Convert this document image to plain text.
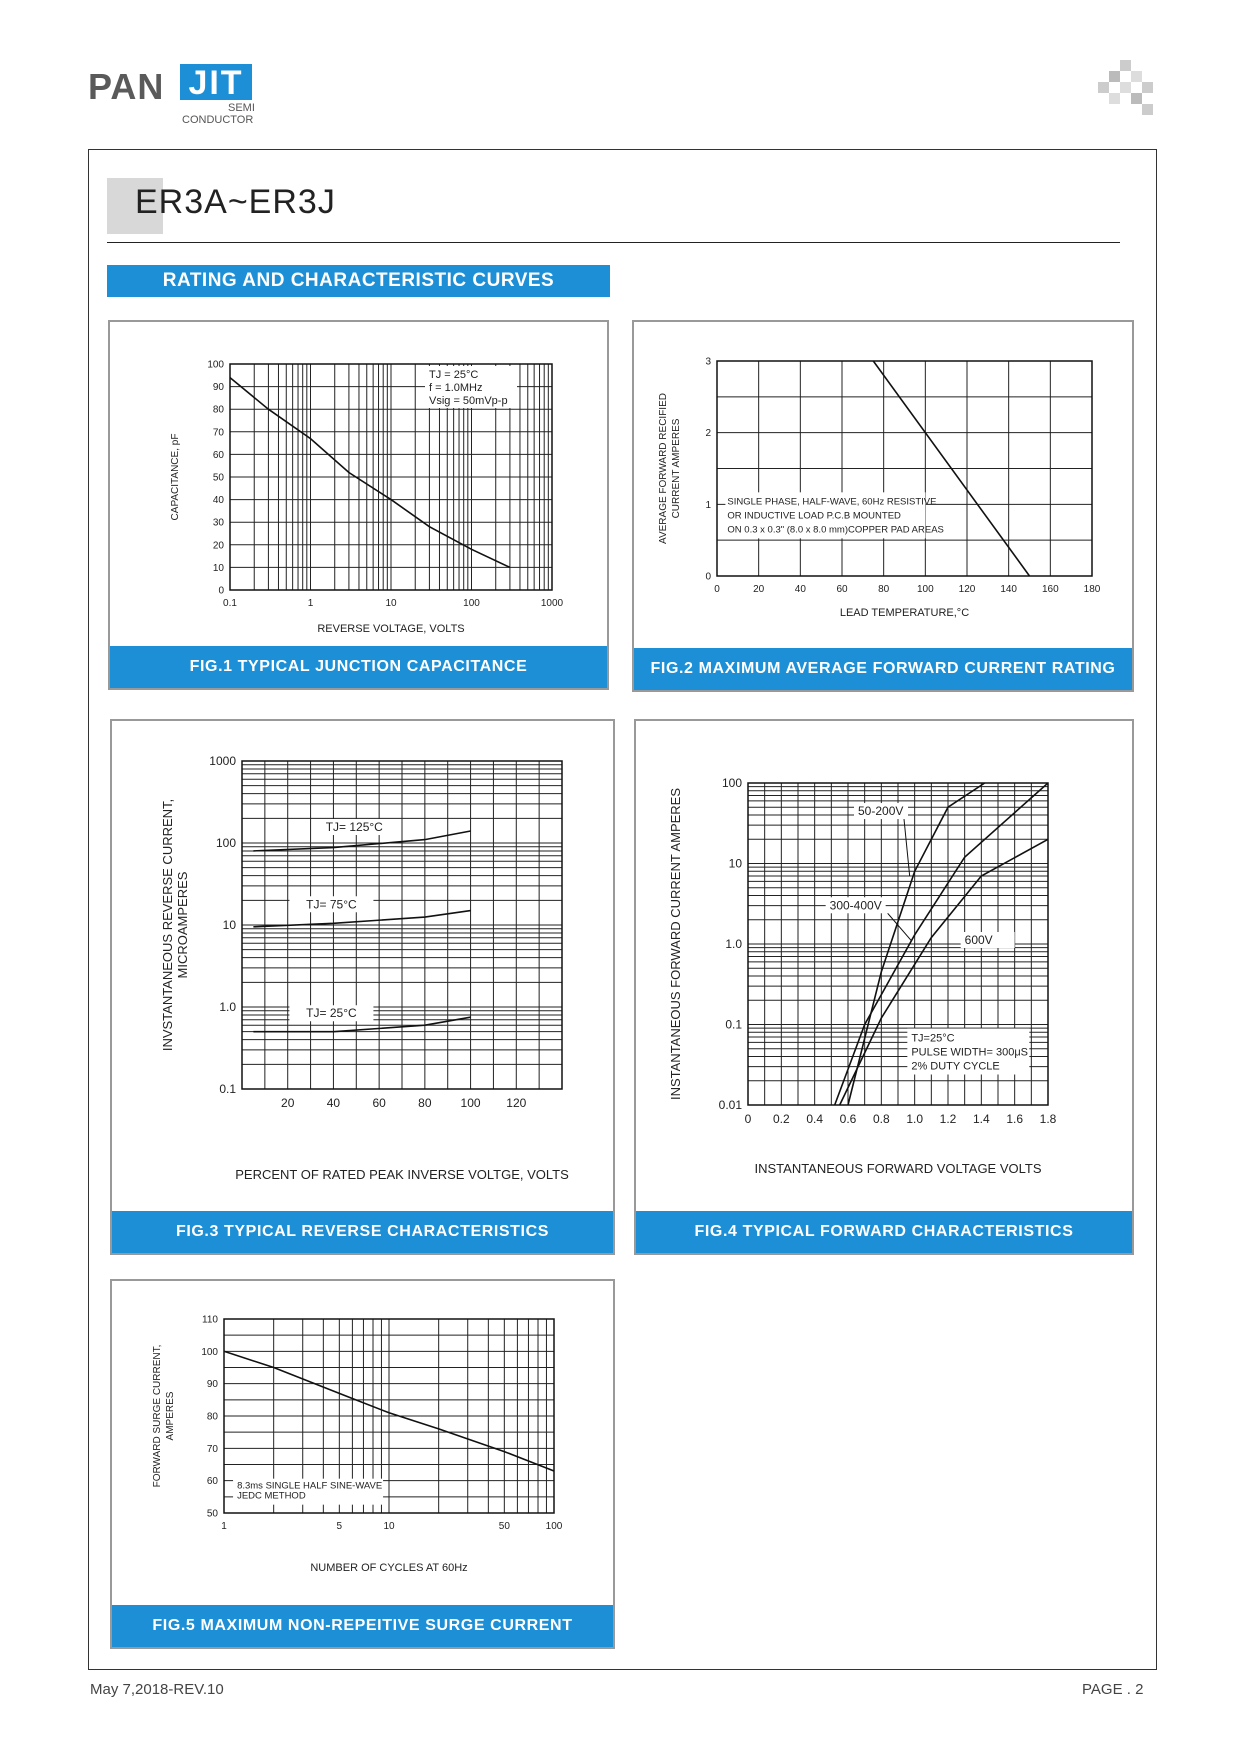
PAN JIT
SEMI
CONDUCTOR
ER3A~ER3J
RATING AND CHARACTERISTIC CURVES
0.1	1	10	100	1000
0
10
20
30
40
50
60
70
80
90
100
REVERSE VOLTAGE, VOLTS
CAPACITANCE, pF
TJ = 25°C
f = 1.0MHz
Vsig = 50mVp-p
FIG.1 TYPICAL JUNCTION CAPACITANCE
0	20	40	60	80	100 120 140 160 180
0
1
2
3
LEAD TEMPERATURE,°C
AVERAGE FORWARD RECIFIED CURRENT AMPERES	SINGLE PHASE, HALF-WAVE, 60Hz RESISTIVE
OR INDUCTIVE LOAD P.C.B MOUNTED
ON 0.3 x 0.3" (8.0 x 8.0 mm)COPPER PAD AREAS
FIG.2 MAXIMUM AVERAGE FORWARD CURRENT RATING
20	40	60	80 100 120
0.1
1.0
10
100
1000
PERCENT OF RATED PEAK INVERSE VOLTGE, VOLTS
INVSTANTANEOUS REVERSE CURRENT, MICROAMPERES
TJ= 125°C
TJ= 75°C
TJ= 25°C
FIG.3 TYPICAL REVERSE CHARACTERISTICS
0 0.2 0.4 0.6 0.8 1.0 1.2 1.4 1.6 1.8
0.01
0.1
1.0
10
100
INSTANTANEOUS FORWARD VOLTAGE VOLTS
INSTANTANEOUS FORWARD CURRENT AMPERES	50-200V
300-400V
600V
TJ=25°C
PULSE WIDTH= 300μS
2% DUTY CYCLE
FIG.4 TYPICAL FORWARD CHARACTERISTICS
1	5	10	50	100
50
60
70
80
90
100
110
NUMBER OF CYCLES AT 60Hz
FORWARD SURGE CURRENT, AMPERES
8.3ms SINGLE HALF SINE-WAVE
JEDC METHOD
FIG.5 MAXIMUM NON-REPEITIVE SURGE CURRENT
May 7,2018-REV.10	PAGE . 2
